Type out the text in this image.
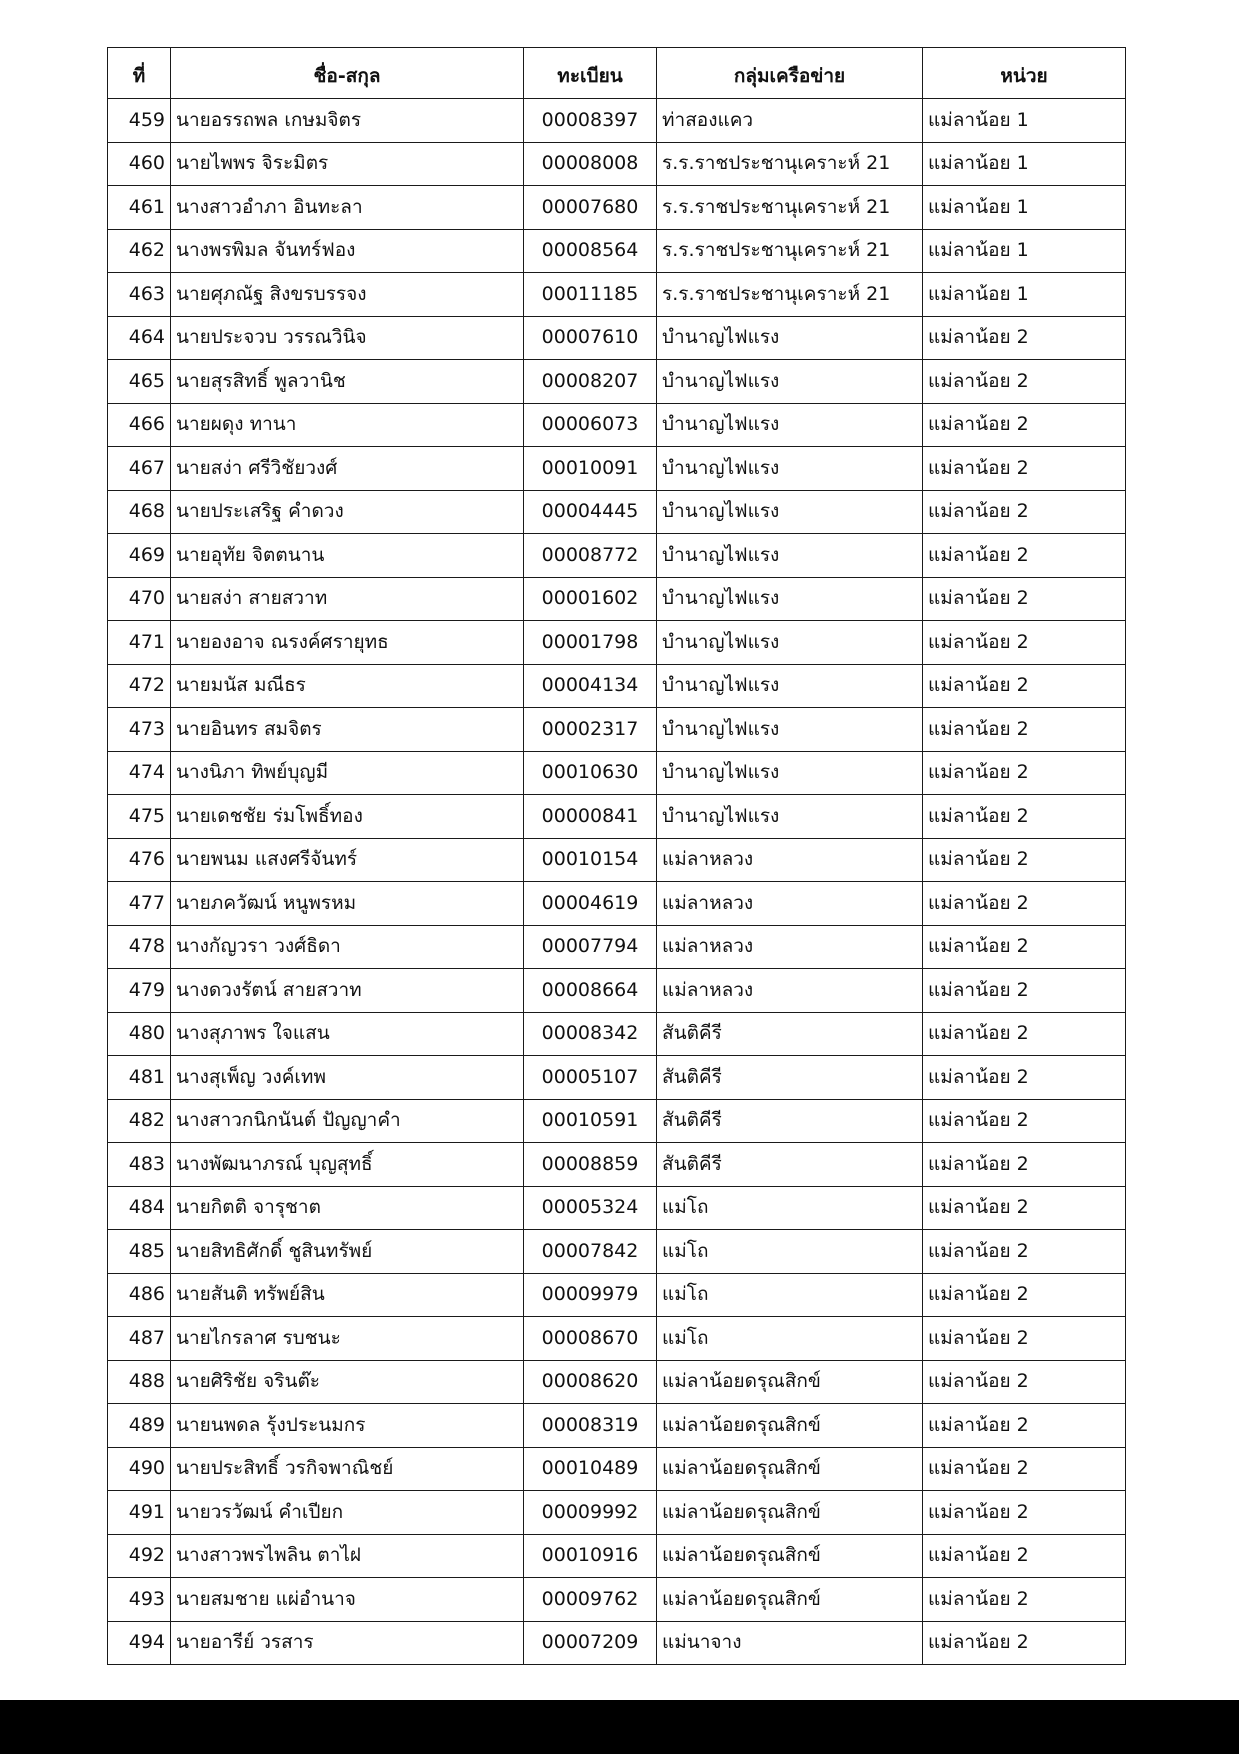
ที่	ชื่อ-สกุล	ทะเบียน	กลุ่มเครือข่าย	หน่วย
459	นายอรรถพล เกษมจิตร	00008397	ท่าสองแคว	แม่ลาน้อย 1
460	นายไพพร จิระมิตร	00008008	ร.ร.ราชประชานุเคราะห์ 21	แม่ลาน้อย 1
461	นางสาวอำภา อินทะลา	00007680	ร.ร.ราชประชานุเคราะห์ 21	แม่ลาน้อย 1
462	นางพรพิมล จันทร์ฟอง	00008564	ร.ร.ราชประชานุเคราะห์ 21	แม่ลาน้อย 1
463	นายศุภณัฐ สิงขรบรรจง	00011185	ร.ร.ราชประชานุเคราะห์ 21	แม่ลาน้อย 1
464	นายประจวบ วรรณวินิจ	00007610	บำนาญไฟแรง	แม่ลาน้อย 2
465	นายสุรสิทธิ์ พูลวานิช	00008207	บำนาญไฟแรง	แม่ลาน้อย 2
466	นายผดุง ทานา	00006073	บำนาญไฟแรง	แม่ลาน้อย 2
467	นายสง่า ศรีวิชัยวงศ์	00010091	บำนาญไฟแรง	แม่ลาน้อย 2
468	นายประเสริฐ คำดวง	00004445	บำนาญไฟแรง	แม่ลาน้อย 2
469	นายอุทัย จิตตนาน	00008772	บำนาญไฟแรง	แม่ลาน้อย 2
470	นายสง่า สายสวาท	00001602	บำนาญไฟแรง	แม่ลาน้อย 2
471	นายองอาจ ณรงค์ศรายุทธ	00001798	บำนาญไฟแรง	แม่ลาน้อย 2
472	นายมนัส มณีธร	00004134	บำนาญไฟแรง	แม่ลาน้อย 2
473	นายอินทร สมจิตร	00002317	บำนาญไฟแรง	แม่ลาน้อย 2
474	นางนิภา ทิพย์บุญมี	00010630	บำนาญไฟแรง	แม่ลาน้อย 2
475	นายเดชชัย ร่มโพธิ์ทอง	00000841	บำนาญไฟแรง	แม่ลาน้อย 2
476	นายพนม แสงศรีจันทร์	00010154	แม่ลาหลวง	แม่ลาน้อย 2
477	นายภควัฒน์ หนูพรหม	00004619	แม่ลาหลวง	แม่ลาน้อย 2
478	นางกัญวรา วงศ์ธิดา	00007794	แม่ลาหลวง	แม่ลาน้อย 2
479	นางดวงรัตน์ สายสวาท	00008664	แม่ลาหลวง	แม่ลาน้อย 2
480	นางสุภาพร ใจแสน	00008342	สันติคีรี	แม่ลาน้อย 2
481	นางสุเพ็ญ วงค์เทพ	00005107	สันติคีรี	แม่ลาน้อย 2
482	นางสาวกนิกนันต์ ปัญญาคำ	00010591	สันติคีรี	แม่ลาน้อย 2
483	นางพัฒนาภรณ์ บุญสุทธิ์	00008859	สันติคีรี	แม่ลาน้อย 2
484	นายกิตติ จารุชาต	00005324	แม่โถ	แม่ลาน้อย 2
485	นายสิทธิศักดิ์ ชูสินทรัพย์	00007842	แม่โถ	แม่ลาน้อย 2
486	นายสันติ ทรัพย์สิน	00009979	แม่โถ	แม่ลาน้อย 2
487	นายไกรลาศ รบชนะ	00008670	แม่โถ	แม่ลาน้อย 2
488	นายศิริชัย จรินต๊ะ	00008620	แม่ลาน้อยดรุณสิกข์	แม่ลาน้อย 2
489	นายนพดล รุ้งประนมกร	00008319	แม่ลาน้อยดรุณสิกข์	แม่ลาน้อย 2
490	นายประสิทธิ์ วรกิจพาณิชย์	00010489	แม่ลาน้อยดรุณสิกข์	แม่ลาน้อย 2
491	นายวรวัฒน์ คำเปียก	00009992	แม่ลาน้อยดรุณสิกข์	แม่ลาน้อย 2
492	นางสาวพรไพลิน ตาไฝ	00010916	แม่ลาน้อยดรุณสิกข์	แม่ลาน้อย 2
493	นายสมชาย แผ่อำนาจ	00009762	แม่ลาน้อยดรุณสิกข์	แม่ลาน้อย 2
494	นายอารีย์ วรสาร	00007209	แม่นาจาง	แม่ลาน้อย 2
